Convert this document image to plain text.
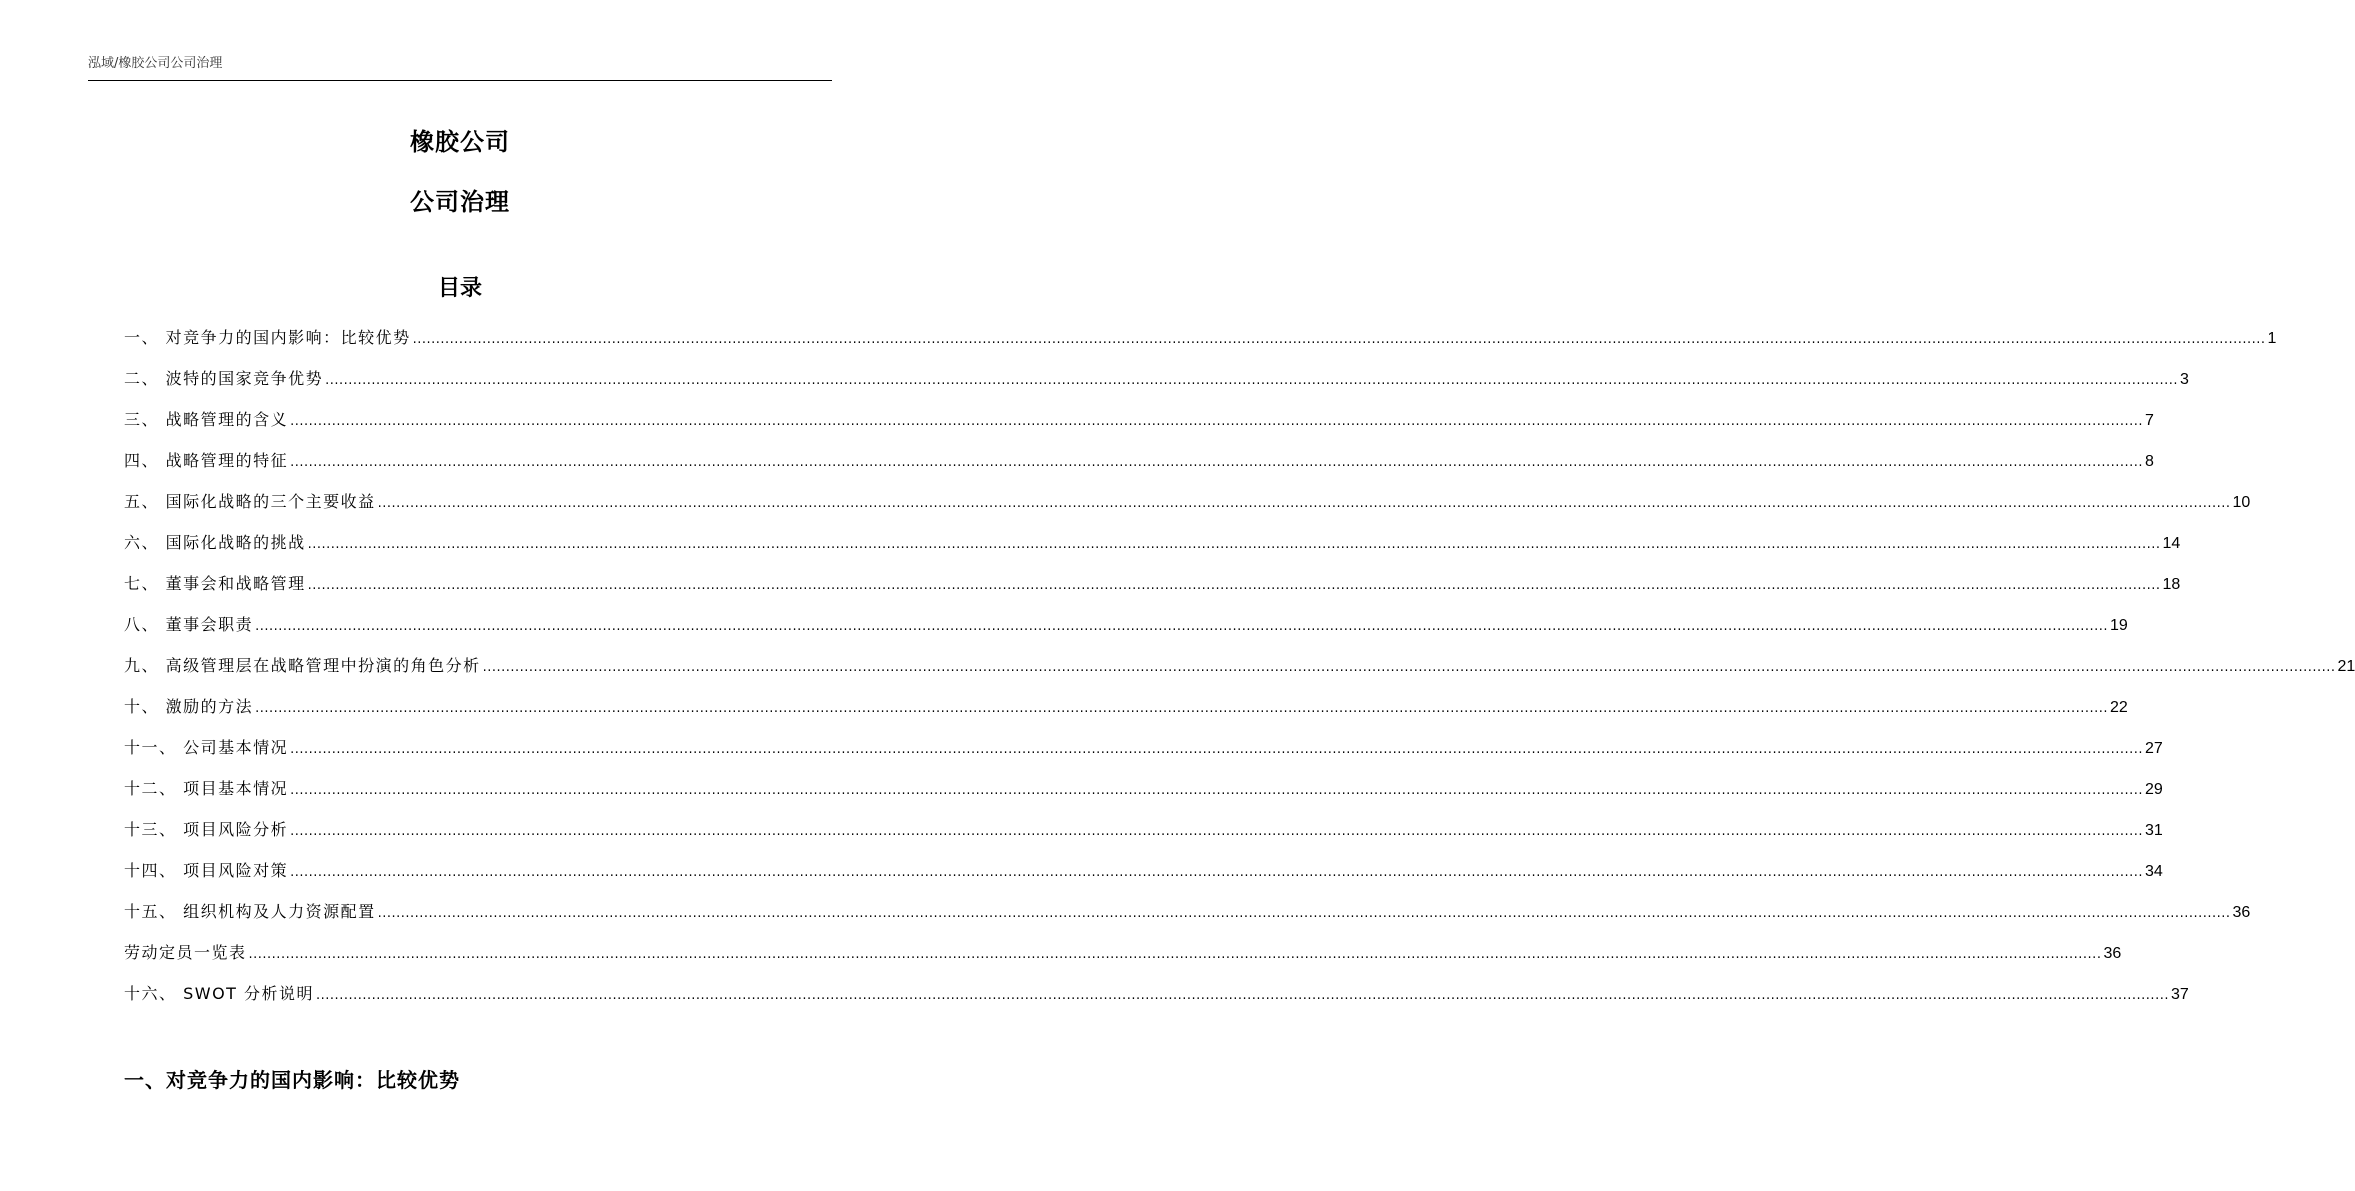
泓域/橡胶公司公司治理
橡胶公司
公司治理
目录
一、 对竞争力的国内影响：比较优势 ................................................................................................................................................................................................................................................................................................................................................................................................................ 1
二、 波特的国家竞争优势 ................................................................................................................................................................................................................................................................................................................................................................................................................ 3
三、 战略管理的含义 ................................................................................................................................................................................................................................................................................................................................................................................................................ 7
四、 战略管理的特征 ................................................................................................................................................................................................................................................................................................................................................................................................................ 8
五、 国际化战略的三个主要收益 ................................................................................................................................................................................................................................................................................................................................................................................................................ 10
六、 国际化战略的挑战 ................................................................................................................................................................................................................................................................................................................................................................................................................ 14
七、 董事会和战略管理 ................................................................................................................................................................................................................................................................................................................................................................................................................ 18
八、 董事会职责 ................................................................................................................................................................................................................................................................................................................................................................................................................ 19
九、 高级管理层在战略管理中扮演的角色分析 ................................................................................................................................................................................................................................................................................................................................................................................................................ 21
十、 激励的方法 ................................................................................................................................................................................................................................................................................................................................................................................................................ 22
十一、 公司基本情况 ................................................................................................................................................................................................................................................................................................................................................................................................................ 27
十二、 项目基本情况 ................................................................................................................................................................................................................................................................................................................................................................................................................ 29
十三、 项目风险分析 ................................................................................................................................................................................................................................................................................................................................................................................................................ 31
十四、 项目风险对策 ................................................................................................................................................................................................................................................................................................................................................................................................................ 34
十五、 组织机构及人力资源配置 ................................................................................................................................................................................................................................................................................................................................................................................................................ 36
劳动定员一览表 ................................................................................................................................................................................................................................................................................................................................................................................................................ 36
十六、 SWOT 分析说明 ................................................................................................................................................................................................................................................................................................................................................................................................................ 37
一、对竞争力的国内影响：比较优势
